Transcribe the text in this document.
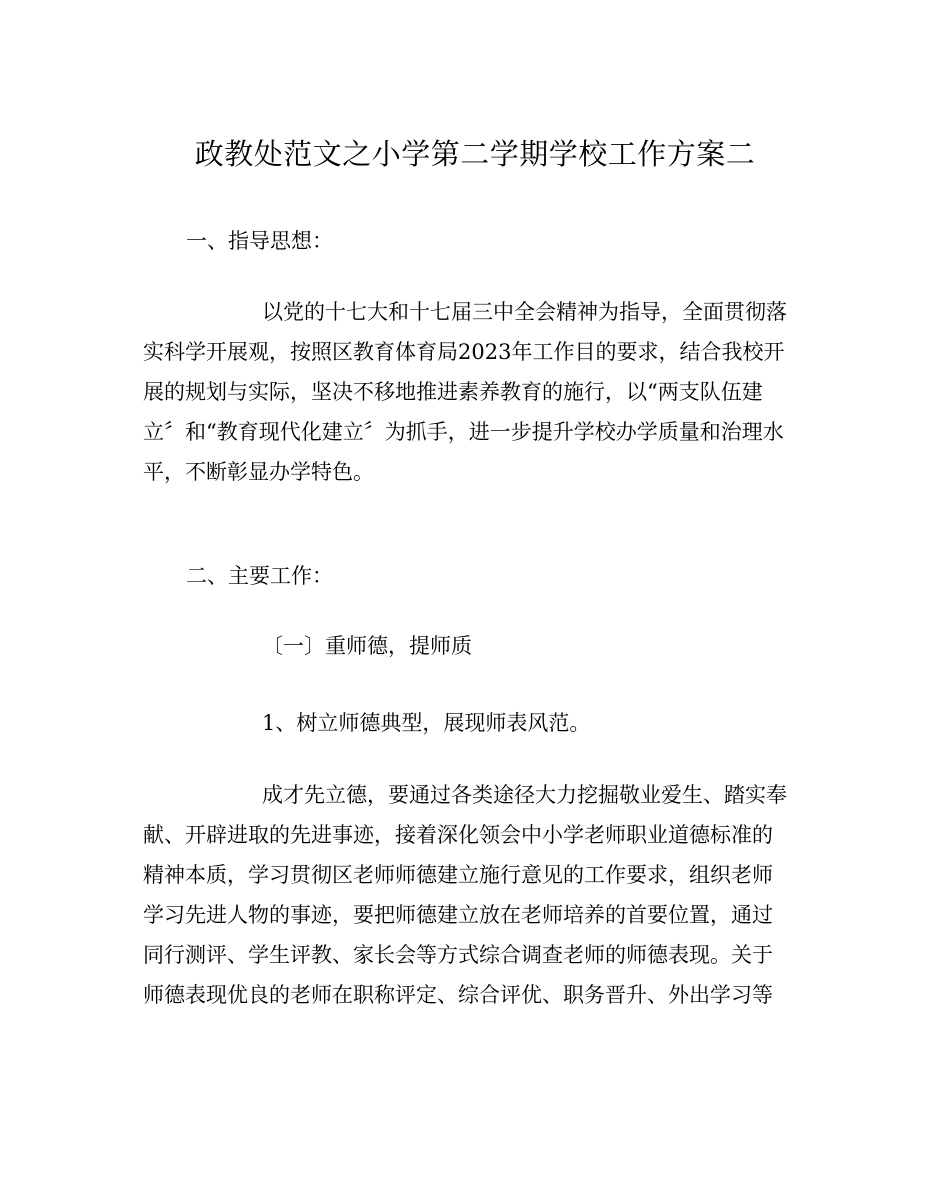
政教处范文之小学第二学期学校工作方案二
一、指导思想：
以党的十七大和十七届三中全会精神为指导，全面贯彻落
实科学开展观，按照区教育体育局2023年工作目的要求，结合我校开
展的规划与实际，坚决不移地推进素养教育的施行，以“两支队伍建
立〞和“教育现代化建立〞为抓手，进一步提升学校办学质量和治理水
平，不断彰显办学特色。
二、主要工作：
〔一〕重师德，提师质
1、树立师德典型，展现师表风范。
成才先立德，要通过各类途径大力挖掘敬业爱生、踏实奉
献、开辟进取的先进事迹，接着深化领会中小学老师职业道德标准的
精神本质，学习贯彻区老师师德建立施行意见的工作要求，组织老师
学习先进人物的事迹，要把师德建立放在老师培养的首要位置，通过
同行测评、学生评教、家长会等方式综合调查老师的师德表现。关于
师德表现优良的老师在职称评定、综合评优、职务晋升、外出学习等
